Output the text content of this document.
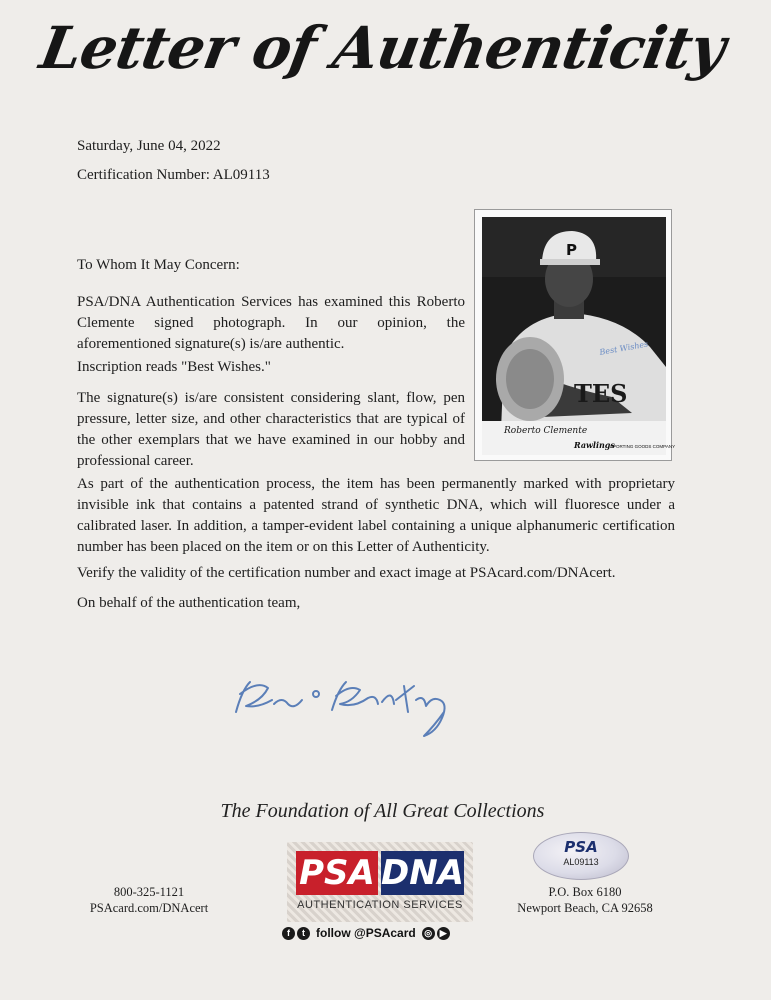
Letter of Authenticity
Saturday, June 04, 2022
Certification Number: AL09113
To Whom It May Concern:

PSA/DNA Authentication Services has examined this Roberto Clemente signed photograph. In our opinion, the aforementioned signature(s) is/are authentic.

Inscription reads "Best Wishes."

The signature(s) is/are consistent considering slant, flow, pen pressure, letter size, and other characteristics that are typical of the other exemplars that we have examined in our hobby and professional career.

As part of the authentication process, the item has been permanently marked with proprietary invisible ink that contains a patented strand of synthetic DNA, which will fluoresce under a calibrated laser. In addition, a tamper-evident label containing a unique alphanumeric certification number has been placed on the item or on this Letter of Authenticity.

Verify the validity of the certification number and exact image at PSAcard.com/DNAcert.

On behalf of the authentication team,

P
TES
Best Wishes
Roberto Clemente
Rawlings
SPORTING GOODS COMPANY
The Foundation of All Great Collections
800-325-1121
PSAcard.com/DNAcert
PSA DNA
AUTHENTICATION SERVICES
f	t follow @PSAcard ◎ ▶
PSA
AL09113
P.O. Box 6180
Newport Beach, CA 92658
